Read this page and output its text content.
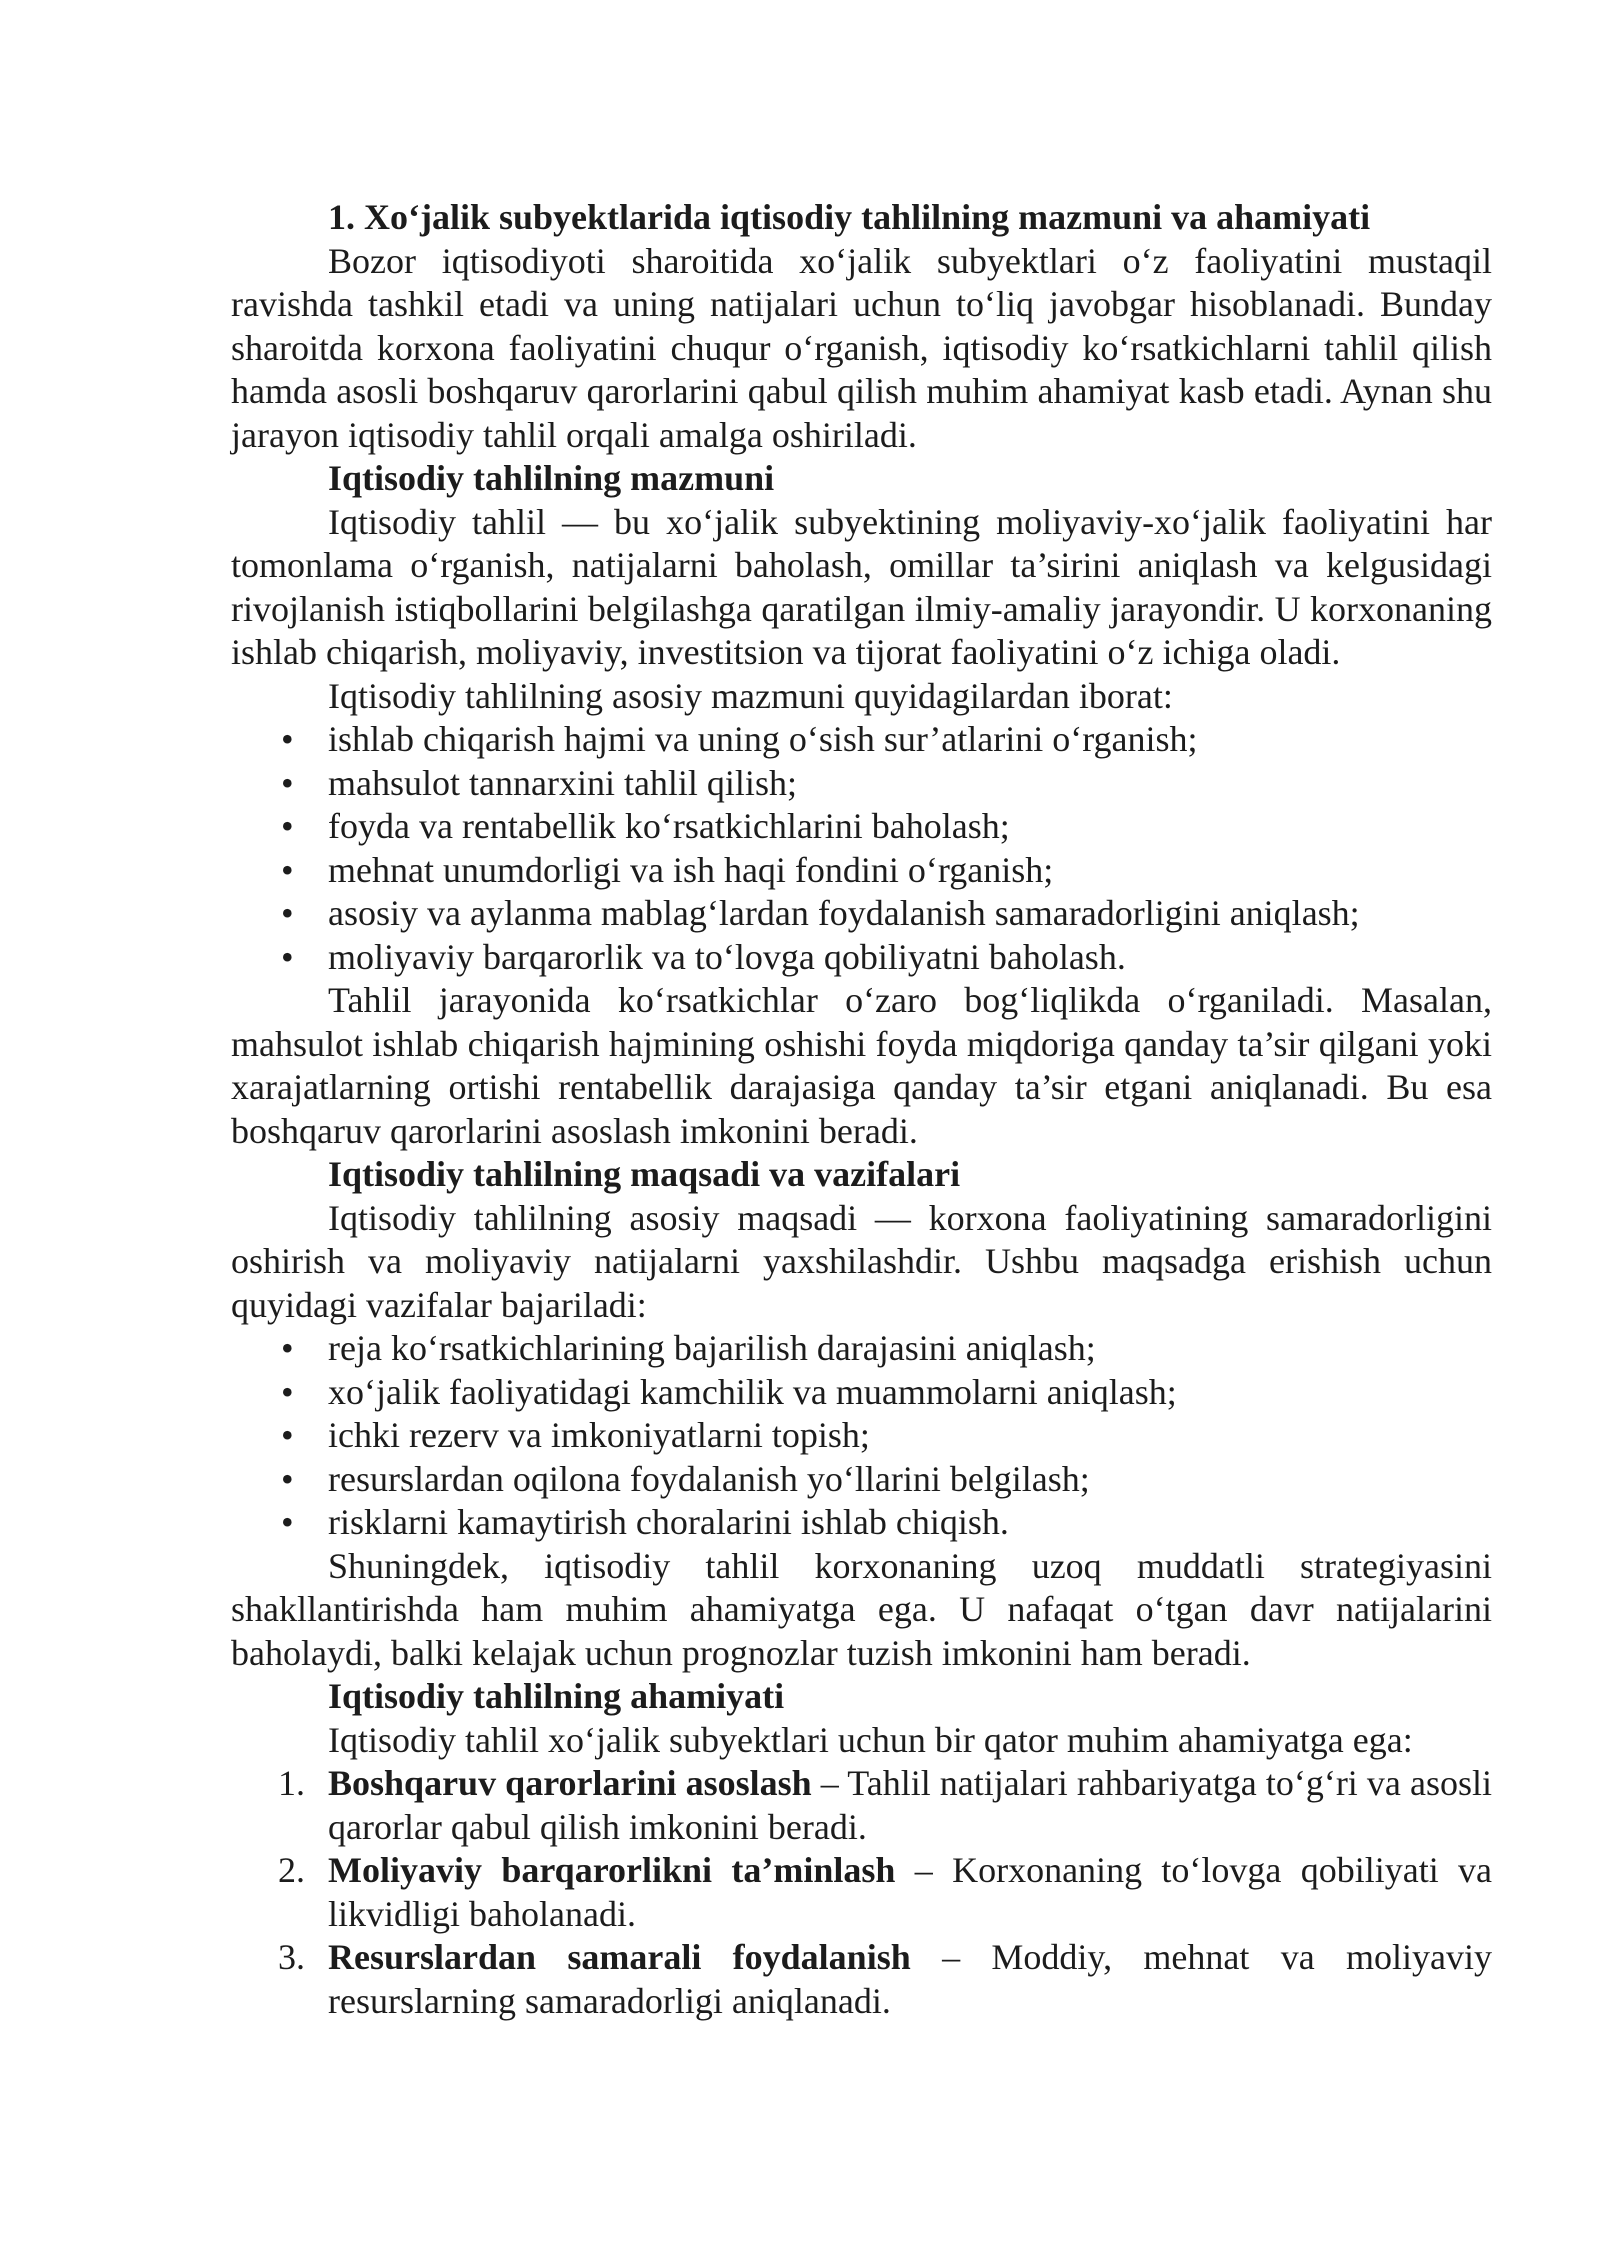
1. Xo‘jalik subyektlarida iqtisodiy tahlilning mazmuni va ahamiyati

Bozor iqtisodiyoti sharoitida xo‘jalik subyektlari o‘z faoliyatini mustaqil ravishda tashkil etadi va uning natijalari uchun to‘liq javobgar hisoblanadi. Bunday sharoitda korxona faoliyatini chuqur o‘rganish, iqtisodiy ko‘rsatkichlarni tahlil qilish hamda asosli boshqaruv qarorlarini qabul qilish muhim ahamiyat kasb etadi. Aynan shu jarayon iqtisodiy tahlil orqali amalga oshiriladi.

Iqtisodiy tahlilning mazmuni

Iqtisodiy tahlil — bu xo‘jalik subyektining moliyaviy-xo‘jalik faoliyatini har tomonlama o‘rganish, natijalarni baholash, omillar ta’sirini aniqlash va kelgusidagi rivojlanish istiqbollarini belgilashga qaratilgan ilmiy-amaliy jarayondir. U korxonaning ishlab chiqarish, moliyaviy, investitsion va tijorat faoliyatini o‘z ichiga oladi.

Iqtisodiy tahlilning asosiy mazmuni quyidagilardan iborat:

• ishlab chiqarish hajmi va uning o‘sish sur’atlarini o‘rganish;
• mahsulot tannarxini tahlil qilish;
• foyda va rentabellik ko‘rsatkichlarini baholash;
• mehnat unumdorligi va ish haqi fondini o‘rganish;
• asosiy va aylanma mablag‘lardan foydalanish samaradorligini aniqlash;
• moliyaviy barqarorlik va to‘lovga qobiliyatni baholash.

Tahlil jarayonida ko‘rsatkichlar o‘zaro bog‘liqlikda o‘rganiladi. Masalan, mahsulot ishlab chiqarish hajmining oshishi foyda miqdoriga qanday ta’sir qilgani yoki xarajatlarning ortishi rentabellik darajasiga qanday ta’sir etgani aniqlanadi. Bu esa boshqaruv qarorlarini asoslash imkonini beradi.

Iqtisodiy tahlilning maqsadi va vazifalari

Iqtisodiy tahlilning asosiy maqsadi — korxona faoliyatining samaradorligini oshirish va moliyaviy natijalarni yaxshilashdir. Ushbu maqsadga erishish uchun quyidagi vazifalar bajariladi:

• reja ko‘rsatkichlarining bajarilish darajasini aniqlash;
• xo‘jalik faoliyatidagi kamchilik va muammolarni aniqlash;
• ichki rezerv va imkoniyatlarni topish;
• resurslardan oqilona foydalanish yo‘llarini belgilash;
• risklarni kamaytirish choralarini ishlab chiqish.

Shuningdek, iqtisodiy tahlil korxonaning uzoq muddatli strategiyasini shakllantirishda ham muhim ahamiyatga ega. U nafaqat o‘tgan davr natijalarini baholaydi, balki kelajak uchun prognozlar tuzish imkonini ham beradi.

Iqtisodiy tahlilning ahamiyati

Iqtisodiy tahlil xo‘jalik subyektlari uchun bir qator muhim ahamiyatga ega:

1. Boshqaruv qarorlarini asoslash – Tahlil natijalari rahbariyatga to‘g‘ri va asosli qarorlar qabul qilish imkonini beradi.
2. Moliyaviy barqarorlikni ta’minlash – Korxonaning to‘lovga qobiliyati va likvidligi baholanadi.
3. Resurslardan samarali foydalanish – Moddiy, mehnat va moliyaviy resurslarning samaradorligi aniqlanadi.
